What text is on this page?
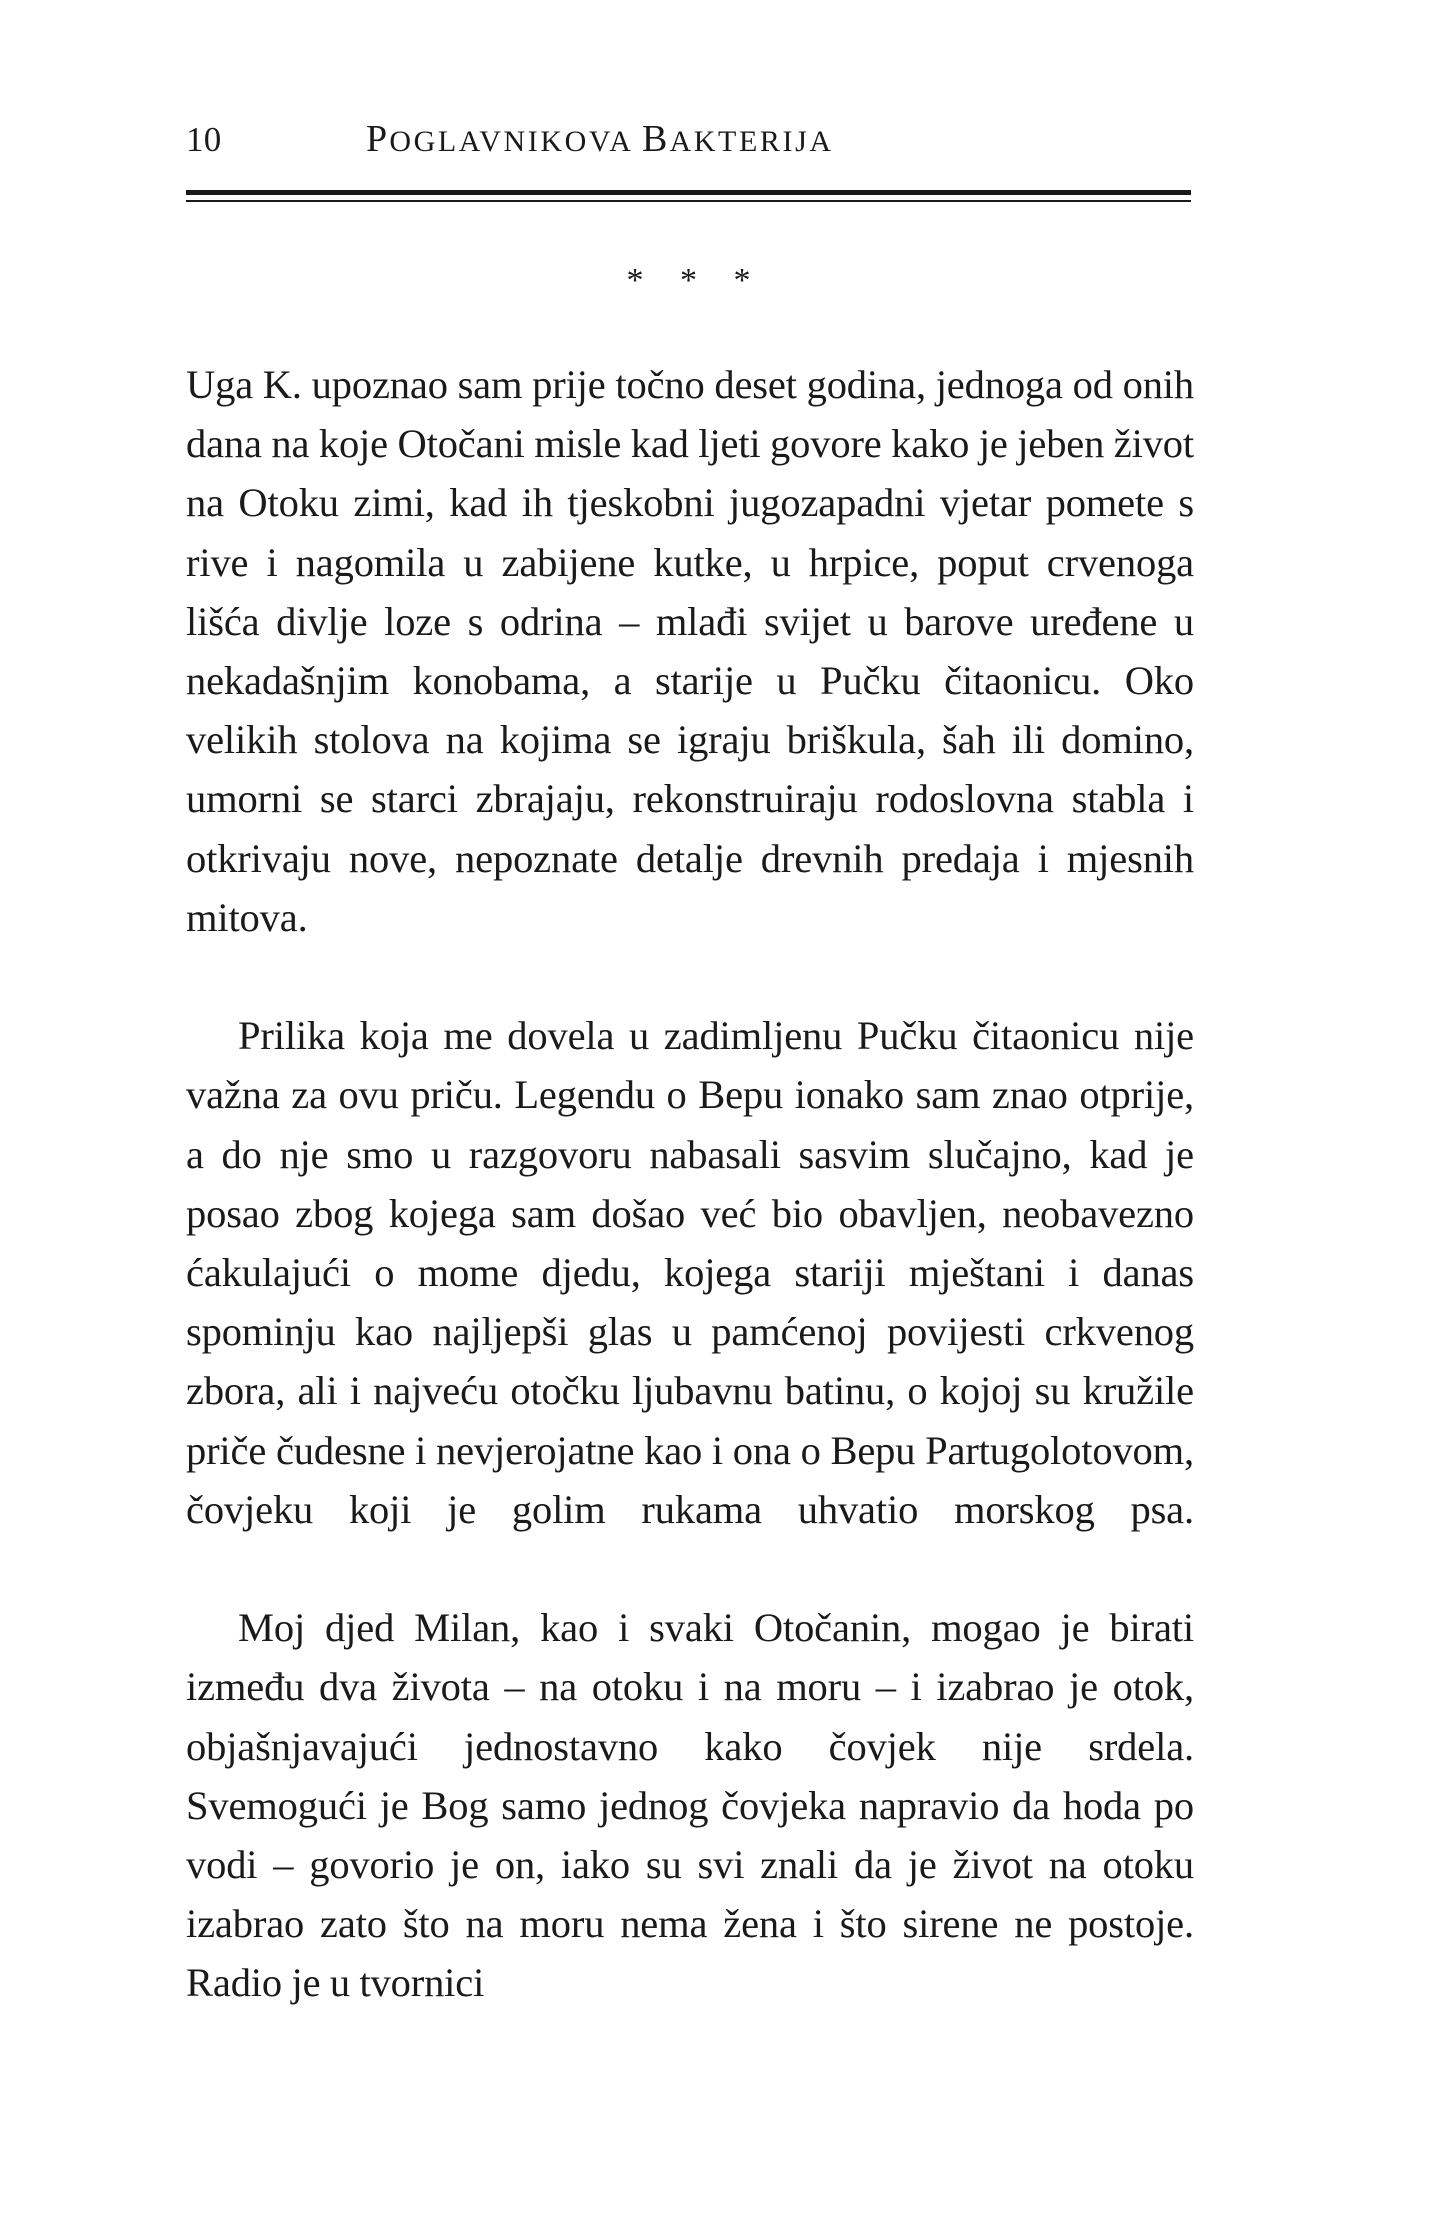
10	POGLAVNIKOVA BAKTERIJA
* * *

Uga K. upoznao sam prije točno deset godina, jednoga od onih dana na koje Otočani misle kad ljeti govore kako je jeben život na Otoku zimi, kad ih tjeskobni jugozapadni vjetar pomete s rive i nagomila u zabijene kutke, u hrpice, poput crvenoga lišća divlje loze s odrina – mlađi svijet u barove uređene u nekadašnjim konobama, a starije u Pučku čitaonicu. Oko velikih stolova na kojima se igraju briškula, šah ili domino, umorni se starci zbrajaju, rekonstruiraju rodoslovna stabla i otkrivaju nove, nepoznate detalje drevnih predaja i mjesnih mitova.

Prilika koja me dovela u zadimljenu Pučku čitaonicu nije važna za ovu priču. Legendu o Bepu ionako sam znao otprije, a do nje smo u razgovoru nabasali sasvim slučajno, kad je posao zbog kojega sam došao već bio obavljen, neobavezno ćakulajući o mome djedu, kojega stariji mještani i danas spominju kao najljepši glas u pamćenoj povijesti crkvenog zbora, ali i najveću otočku ljubavnu batinu, o kojoj su kružile priče čudesne i nevjerojatne kao i ona o Bepu Partugolotovom, čovjeku koji je golim rukama uhvatio morskog psa.

Moj djed Milan, kao i svaki Otočanin, mogao je birati između dva života – na otoku i na moru – i izabrao je otok, objašnjavajući jednostavno kako čovjek nije srdela. Svemogući je Bog samo jednog čovjeka napravio da hoda po vodi – govorio je on, iako su svi znali da je život na otoku izabrao zato što na moru nema žena i što sirene ne postoje. Radio je u tvornici
